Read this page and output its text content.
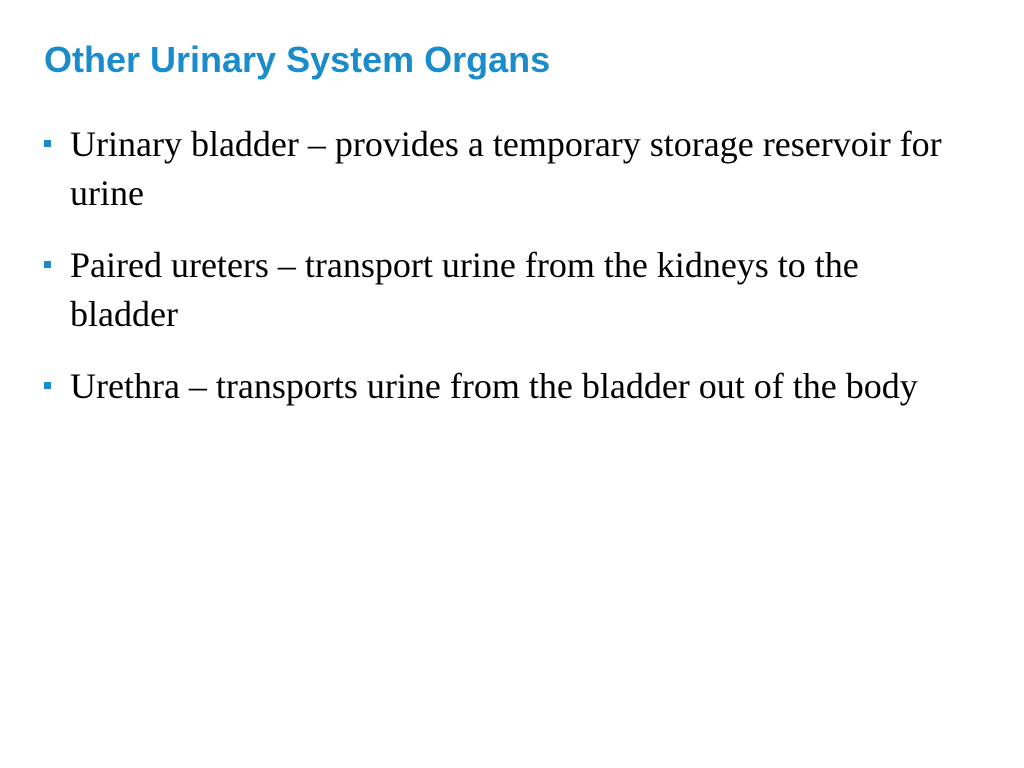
Other Urinary System Organs
Urinary bladder – provides a temporary storage reservoir for urine
Paired ureters – transport urine from the kidneys to the bladder
Urethra – transports urine from the bladder out of the body
